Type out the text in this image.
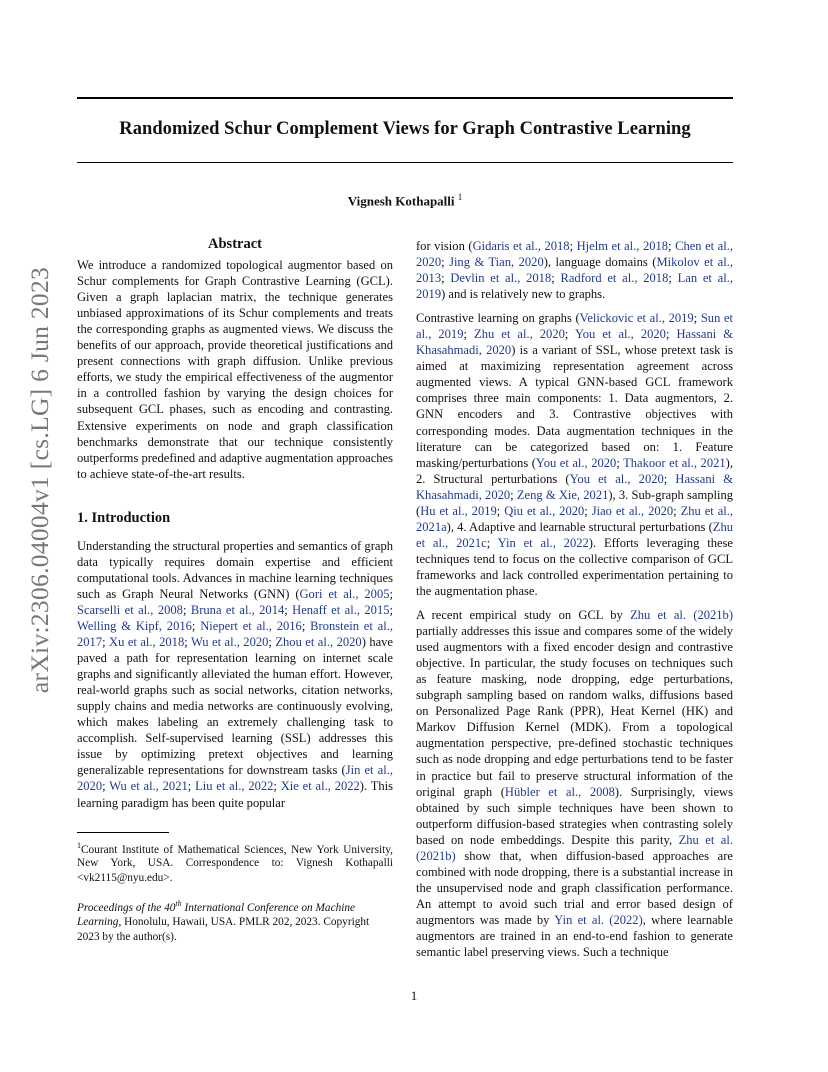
Randomized Schur Complement Views for Graph Contrastive Learning
Vignesh Kothapalli $^1$
arXiv:2306.04004v1 [cs.LG] 6 Jun 2023
Abstract

We introduce a randomized topological augmentor based on Schur complements for Graph Contrastive Learning (GCL). Given a graph laplacian matrix, the technique generates unbiased approximations of its Schur complements and treats the corresponding graphs as augmented views. We discuss the benefits of our approach, provide theoretical justifications and present connections with graph diffusion. Unlike previous efforts, we study the empirical effectiveness of the augmentor in a controlled fashion by varying the design choices for subsequent GCL phases, such as encoding and contrasting. Extensive experiments on node and graph classification benchmarks demonstrate that our technique consistently outperforms predefined and adaptive augmentation approaches to achieve state-of-the-art results.

1. Introduction

Understanding the structural properties and semantics of graph data typically requires domain expertise and efficient computational tools. Advances in machine learning techniques such as Graph Neural Networks (GNN) (Gori et al., 2005; Scarselli et al., 2008; Bruna et al., 2014; Henaff et al., 2015; Welling & Kipf, 2016; Niepert et al., 2016; Bronstein et al., 2017; Xu et al., 2018; Wu et al., 2020; Zhou et al., 2020) have paved a path for representation learning on internet scale graphs and significantly alleviated the human effort. However, real-world graphs such as social networks, citation networks, supply chains and media networks are continuously evolving, which makes labeling an extremely challenging task to accomplish. Self-supervised learning (SSL) addresses this issue by optimizing pretext objectives and learning generalizable representations for downstream tasks (Jin et al., 2020; Wu et al., 2021; Liu et al., 2022; Xie et al., 2022). This learning paradigm has been quite popular

$^1$Courant Institute of Mathematical Sciences, New York University, New York, USA. Correspondence to: Vignesh Kothapalli <vk2115@nyu.edu>.

Proceedings of the 40th International Conference on Machine Learning, Honolulu, Hawaii, USA. PMLR 202, 2023. Copyright 2023 by the author(s).

for vision (Gidaris et al., 2018; Hjelm et al., 2018; Chen et al., 2020; Jing & Tian, 2020), language domains (Mikolov et al., 2013; Devlin et al., 2018; Radford et al., 2018; Lan et al., 2019) and is relatively new to graphs.

Contrastive learning on graphs (Velickovic et al., 2019; Sun et al., 2019; Zhu et al., 2020; You et al., 2020; Hassani & Khasahmadi, 2020) is a variant of SSL, whose pretext task is aimed at maximizing representation agreement across augmented views. A typical GNN-based GCL framework comprises three main components: 1. Data augmentors, 2. GNN encoders and 3. Contrastive objectives with corresponding modes. Data augmentation techniques in the literature can be categorized based on: 1. Feature masking/perturbations (You et al., 2020; Thakoor et al., 2021), 2. Structural perturbations (You et al., 2020; Hassani & Khasahmadi, 2020; Zeng & Xie, 2021), 3. Sub-graph sampling (Hu et al., 2019; Qiu et al., 2020; Jiao et al., 2020; Zhu et al., 2021a), 4. Adaptive and learnable structural perturbations (Zhu et al., 2021c; Yin et al., 2022). Efforts leveraging these techniques tend to focus on the collective comparison of GCL frameworks and lack controlled experimentation pertaining to the augmentation phase.

A recent empirical study on GCL by Zhu et al. (2021b) partially addresses this issue and compares some of the widely used augmentors with a fixed encoder design and contrastive objective. In particular, the study focuses on techniques such as feature masking, node dropping, edge perturbations, subgraph sampling based on random walks, diffusions based on Personalized Page Rank (PPR), Heat Kernel (HK) and Markov Diffusion Kernel (MDK). From a topological augmentation perspective, pre-defined stochastic techniques such as node dropping and edge perturbations tend to be faster in practice but fail to preserve structural information of the original graph (Hübler et al., 2008). Surprisingly, views obtained by such simple techniques have been shown to outperform diffusion-based strategies when contrasting solely based on node embeddings. Despite this parity, Zhu et al. (2021b) show that, when diffusion-based approaches are combined with node dropping, there is a substantial increase in the unsupervised node and graph classification performance. An attempt to avoid such trial and error based design of augmentors was made by Yin et al. (2022), where learnable augmentors are trained in an end-to-end fashion to generate semantic label preserving views. Such a technique

1
